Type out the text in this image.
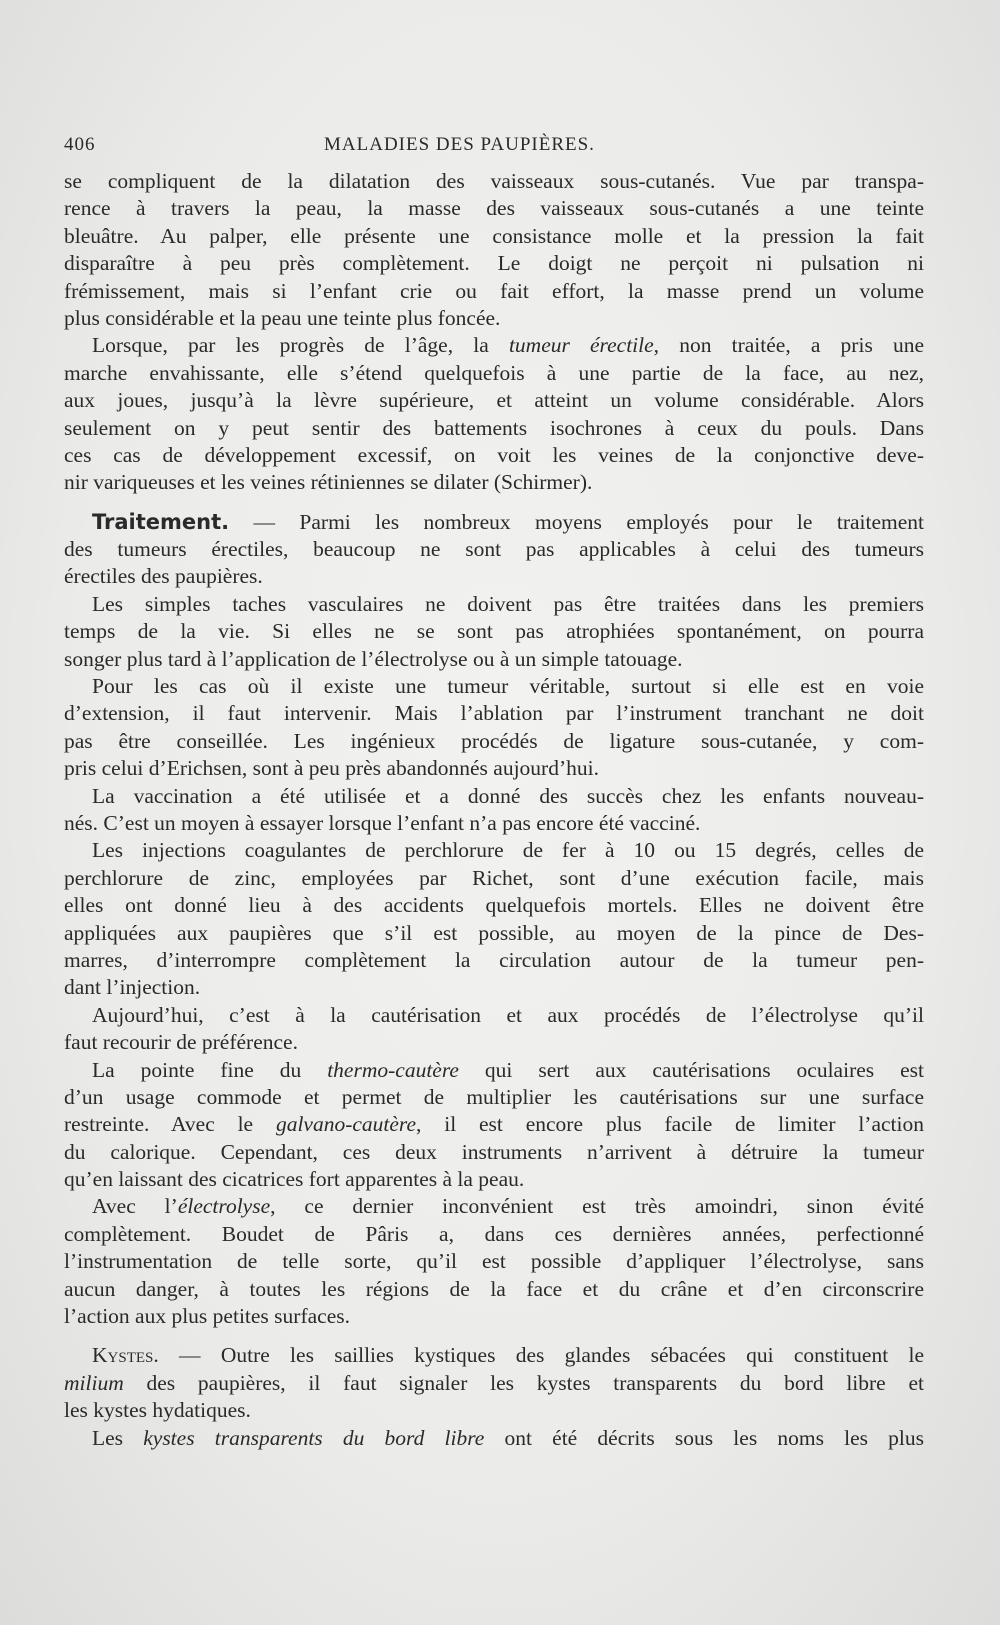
406	MALADIES DES PAUPIÈRES.
se compliquent de la dilatation des vaisseaux sous-cutanés. Vue par transpa-
rence à travers la peau, la masse des vaisseaux sous-cutanés a une teinte
bleuâtre. Au palper, elle présente une consistance molle et la pression la fait
disparaître à peu près complètement. Le doigt ne perçoit ni pulsation ni
frémissement, mais si l’enfant crie ou fait effort, la masse prend un volume
plus considérable et la peau une teinte plus foncée.
Lorsque, par les progrès de l’âge, la tumeur érectile, non traitée, a pris une
marche envahissante, elle s’étend quelquefois à une partie de la face, au nez,
aux joues, jusqu’à la lèvre supérieure, et atteint un volume considérable. Alors
seulement on y peut sentir des battements isochrones à ceux du pouls. Dans
ces cas de développement excessif, on voit les veines de la conjonctive deve-
nir variqueuses et les veines rétiniennes se dilater (Schirmer).
Traitement. — Parmi les nombreux moyens employés pour le traitement
des tumeurs érectiles, beaucoup ne sont pas applicables à celui des tumeurs
érectiles des paupières.
Les simples taches vasculaires ne doivent pas être traitées dans les premiers
temps de la vie. Si elles ne se sont pas atrophiées spontanément, on pourra
songer plus tard à l’application de l’électrolyse ou à un simple tatouage.
Pour les cas où il existe une tumeur véritable, surtout si elle est en voie
d’extension, il faut intervenir. Mais l’ablation par l’instrument tranchant ne doit
pas être conseillée. Les ingénieux procédés de ligature sous-cutanée, y com-
pris celui d’Erichsen, sont à peu près abandonnés aujourd’hui.
La vaccination a été utilisée et a donné des succès chez les enfants nouveau-
nés. C’est un moyen à essayer lorsque l’enfant n’a pas encore été vacciné.
Les injections coagulantes de perchlorure de fer à 10 ou 15 degrés, celles de
perchlorure de zinc, employées par Richet, sont d’une exécution facile, mais
elles ont donné lieu à des accidents quelquefois mortels. Elles ne doivent être
appliquées aux paupières que s’il est possible, au moyen de la pince de Des-
marres, d’interrompre complètement la circulation autour de la tumeur pen-
dant l’injection.
Aujourd’hui, c’est à la cautérisation et aux procédés de l’électrolyse qu’il
faut recourir de préférence.
La pointe fine du thermo-cautère qui sert aux cautérisations oculaires est
d’un usage commode et permet de multiplier les cautérisations sur une surface
restreinte. Avec le galvano-cautère, il est encore plus facile de limiter l’action
du calorique. Cependant, ces deux instruments n’arrivent à détruire la tumeur
qu’en laissant des cicatrices fort apparentes à la peau.
Avec l’électrolyse, ce dernier inconvénient est très amoindri, sinon évité
complètement. Boudet de Pâris a, dans ces dernières années, perfectionné
l’instrumentation de telle sorte, qu’il est possible d’appliquer l’électrolyse, sans
aucun danger, à toutes les régions de la face et du crâne et d’en circonscrire
l’action aux plus petites surfaces.
Kystes. — Outre les saillies kystiques des glandes sébacées qui constituent le
milium des paupières, il faut signaler les kystes transparents du bord libre et
les kystes hydatiques.
Les kystes transparents du bord libre ont été décrits sous les noms les plus
